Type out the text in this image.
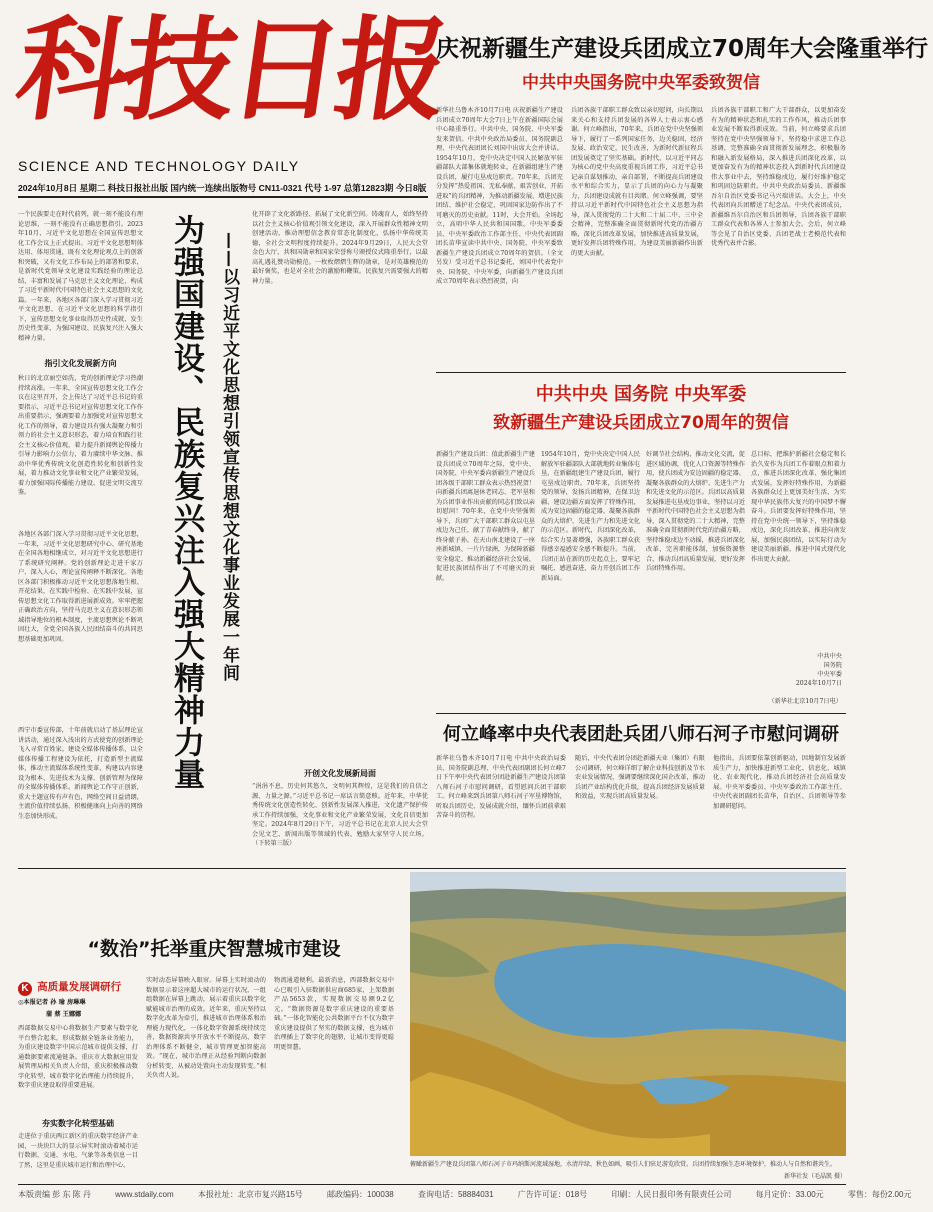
科技日报
SCIENCE AND TECHNOLOGY DAILY
2024年10月8日 星期二 科技日报社出版 国内统一连续出版物号 CN11-0321 代号 1-97 总第12823期 今日8版
庆祝新疆生产建设兵团成立70周年大会隆重举行
中共中央国务院中央军委致贺信
新华社乌鲁木齐10月7日电 庆祝新疆生产建设兵团成立70周年大会7日上午在新疆国际会展中心隆重举行。中共中央、国务院、中央军委发来贺信。中共中央政治局委员、国务院副总理、中央代表团团长刘国中出席大会并讲话。1954年10月，党中央决定中国人民解放军驻疆部队大部集体就地转业，在新疆组建生产建设兵团，履行屯垦戍边职责。70年来，兵团充分发挥“热爱祖国、无私奉献、艰苦创业、开拓进取”的兵团精神，为推动新疆发展、增进民族团结、维护社会稳定、巩固国家边防作出了不可磨灭的历史贡献。11时，大会开始。全场起立，高唱中华人民共和国国歌。中央军委委员、中央军委政治工作部主任、中央代表团副团长苗华宣读中共中央、国务院、中央军委致新疆生产建设兵团成立70周年的贺信。（全文另发）受习近平总书记委托，刘国中代表党中央、国务院、中央军委，向新疆生产建设兵团成立70周年表示热烈祝贺，向
兵团各族干部职工群众致以亲切慰问，向长期以来关心和支持兵团发展的各界人士表示衷心感谢。何立峰指出，70年来，兵团在党中央坚强领导下，履行了一系列国家任务，边关稳固，经济发展、政治安定，民生改善，为新时代新征程兵团发展奠定了坚实基础。新时代，以习近平同志为核心的党中央高度重视兵团工作，习近平总书记亲自谋划推动，亲自部署，不断提高兵团建设水平和综合实力，显示了兵团的向心力与凝聚力，兵团建设成就有目共睹。何立峰强调，要坚持以习近平新时代中国特色社会主义思想为指导，深入贯彻党的二十大和二十届二中、三中全会精神，完整准确全面贯彻新时代党的治疆方略，深化兵团改革发展，加快推进高质量发展，更好发挥兵团特殊作用，为建设美丽新疆作出新的更大贡献。
兵团各族干部职工和广大干部群众，以更加奋发有为的精神状态和扎实的工作作风，推动兵团事业发展不断取得新成效。当前，何立峰要求兵团坚持在党中央坚强领导下，坚持稳中求进工作总基调，完整准确全面贯彻新发展理念，积极服务和融入新发展格局，深入推进兵团深化改革，以更加奋发有为的精神状态投入到新时代兵团建设伟大事业中去，坚持维稳戍边，履行好维护稳定和巩固边防职责。中共中央政治局委员、新疆维吾尔自治区党委书记马兴瑞讲话。大会上，中央代表团向兵团赠送了纪念品。中央代表团成员，新疆维吾尔自治区和兵团领导，兵团各族干部职工群众代表和各界人士参加大会。会后，何立峰等会见了自治区党委、兵团老战士老模范代表和优秀代表并合影。
中共中央 国务院 中央军委
致新疆生产建设兵团成立70周年的贺信
新疆生产建设兵团：值此新疆生产建设兵团成立70周年之际，党中央、国务院、中央军委向新疆生产建设兵团各级干部职工群众表示热烈祝贺！向新疆兵团离退休老同志、老军垦和为兵团事业作出贡献的同志们致以亲切慰问！70年来，在党中央坚强领导下，兵团广大干部职工群众以屯垦戍边为己任，献了青春献终身，献了终身献子孙，在天山南北建设了一座座新城镇、一片片绿洲，为保障新疆安全稳定、推动新疆经济社会发展、促进民族团结作出了不可磨灭的贡献。
1954年10月，党中央决定中国人民解放军驻疆部队大部就地转业集体屯垦，在新疆组建生产建设兵团，履行屯垦戍边职责。70年来，兵团坚持党的领导，发扬兵团精神，在保卫边疆、建设边疆方面发挥了特殊作用，成为安边固疆的稳定器、凝聚各族群众的大熔炉、先进生产力和先进文化的示范区。新时代，兵团深化改革，综合实力显著增强，各族职工群众获得感幸福感安全感不断提升。当前，兵团正站在新的历史起点上，要牢记嘱托、感恩奋进，奋力开创兵团工作新局面。
好调节社会结构，推动文化交流，促进区域协调，优化人口资源等特殊作用，使兵团成为安边固疆的稳定器、凝聚各族群众的大熔炉、先进生产力和先进文化的示范区。兵团以高质量发展推进屯垦戍边事业，坚持以习近平新时代中国特色社会主义思想为指导，深入贯彻党的二十大精神，完整准确全面贯彻新时代党的治疆方略，坚持维稳戍边不动摇，推进兵团深化改革，完善职能体制，加强资源整合，推动兵团高质量发展，更好发挥兵团特殊作用。
总目标，把维护新疆社会稳定和长治久安作为兵团工作着眼点和着力点，推进兵团深化改革、强化集团式发展，发挥好特殊作用，为新疆各族群众过上更加美好生活、为实现中华民族伟大复兴的中国梦不懈奋斗。兵团要发挥好特殊作用，坚持在党中央统一领导下，坚持维稳戍边，深化兵团改革，推进向南发展，加强民族团结，以实际行动为建设美丽新疆、推进中国式现代化作出更大贡献。
中共中央
国务院
中央军委
2024年10月7日
（新华社北京10月7日电）
何立峰率中央代表团赴兵团八师石河子市慰问调研
新华社乌鲁木齐10月7日电 中共中央政治局委员、国务院副总理、中央代表团副团长何立峰7日下午率中央代表团分团赴新疆生产建设兵团第八师石河子市慰问调研，看望慰问兵团干部职工。何立峰来到兵团第八师石河子军垦博物馆，听取兵团历史、发展成就介绍，缅怀兵团前辈艰苦奋斗的历程。
随后，中央代表团分团赴新疆天业（集团）有限公司调研，何立峰详细了解企业科技创新及节水农业发展情况，强调要继续深化国企改革，推动兵团产业结构优化升级，提高兵团经济发展质量和效益，实现兵团高质量发展。
他指出，兵团要依靠创新驱动，因地制宜发展新质生产力，加快推进新型工业化、信息化、城镇化、农业现代化，推动兵团经济社会高质量发展。中央军委委员、中央军委政治工作部主任、中央代表团副团长苗华，自治区、兵团领导等参加调研慰问。
一个民族要走在时代前列，就一刻不能没有理论思维，一刻不能没有正确思想指引。2023年10月，习近平文化思想在全国宣传思想文化工作会议上正式提出。习近平文化思想明体达用、体用贯通，既有文化理论观点上的创新和突破，又有文化工作布局上的部署和要求，是新时代党领导文化建设实践经验的理论总结，丰富和发展了马克思主义文化理论，构成了习近平新时代中国特色社会主义思想的文化篇。一年来，各地区各部门深入学习贯彻习近平文化思想，在习近平文化思想的科学指引下，宣传思想文化事业取得历史性成就、发生历史性变革，为强国建设、民族复兴注入强大精神力量。
指引文化发展新方向
秋日的北京丽空如洗，党的创新理论学习热潮持续高涨。一年来，全国宣传思想文化工作会议在这里召开，会上传达了习近平总书记的重要指示，习近平总书记对宣传思想文化工作作出重要指示，强调要着力加强党对宣传思想文化工作的领导，着力建设具有强大凝聚力和引领力的社会主义意识形态，着力培育和践行社会主义核心价值观，着力提升新闻舆论传播力引导力影响力公信力，着力赓续中华文脉、推动中华优秀传统文化创造性转化和创新性发展，着力推动文化事业和文化产业繁荣发展，着力加强国际传播能力建设、促进文明交流互鉴。
各地区各部门深入学习贯彻习近平文化思想，一年来，习近平文化思想研究中心、研究基地在全国各地相继成立，对习近平文化思想进行了系统研究阐释。党的创新理论走进千家万户、深入人心，理论宣传阐释不断深化。各地区各部门积极推动习近平文化思想落地生根、开花结果，在实践中检验、在实践中发展，宣传思想文化工作取得新进展新成效。牢牢把握正确政治方向，坚持马克思主义在意识形态领域指导地位的根本制度，主流思想舆论不断巩固壮大，全党全国各族人民团结奋斗的共同思想基础更加巩固。
西宁市委宣传部，十年前就启动了基层理论宣讲活动，通过深入浅出的方式使党的创新理论飞入寻常百姓家。建设全媒体传播体系，以全媒体传播工程建设为依托，打造新型主流媒体，推动主流媒体系统性变革，构建以内容建设为根本、先进技术为支撑、创新管理为保障的全媒体传播体系。新闻舆论工作守正创新，重大主题宣传有声有色，网络空间日益清朗，主流价值持续弘扬，积极健康向上向善的网络生态加快形成。
为强国建设、民族复兴注入强大精神力量 ——以习近平文化思想引领宣传思想文化事业发展一年间
化开辟了文化新路径、拓展了文化新空间。铸魂育人，始终坚持以社会主义核心价值观引领文化建设，深入开展群众性精神文明创建活动，推动理想信念教育常态化制度化，弘扬中华传统美德，全社会文明程度持续提升。2024年9月29日，人民大会堂金色大厅，共和国勋章和国家荣誉称号颁授仪式隆重举行，以最高礼遇礼赞功勋模范。一枚枚熠熠生辉的勋章，是对英雄模范的最好褒奖，也是对全社会的激励和鞭策。民族复兴需要强大的精神力量。
开创文化发展新局面
“涓涓不息，历史何其悠久，文明何其辉煌，这是我们的自信之源、力量之源。”习近平总书记一席话言简意赅。近年来，中华优秀传统文化创造性转化、创新性发展深入推进，文化遗产保护传承工作持续加强，文化事业和文化产业繁荣发展，文化自信更加坚定。2024年8月29日下午，习近平总书记在北京人民大会堂会见文艺、新闻出版等领域的代表，勉励大家坚守人民立场。（下转第三版）
“数治”托举重庆智慧城市建设
K 高质量发展调研行
◎本报记者 孙 瑜 房琳琳
蒲 蔡 王娜娜
西部数据交易中心将数据生产要素与数字化平台整合起来，形成数据全链条业务能力，为重庆建设数字中国示范城市提供支撑，打通数据要素流通链条。重庆市大数据应用发展管理局相关负责人介绍，重庆积极推动数字化转型，城市数字化治理能力持续提升，数字重庆建设取得重要进展。
夯实数字化转型基础
走进位于重庆两江新区的重庆数字经济产业园，一块块巨大的显示屏实时滚动着城市运行数据，交通、水电、气象等各类信息一目了然，这里是重庆城市运行和治理中心。
实时动态屏幕映入眼帘。屏幕上实时滚动的数据显示着这座超大城市的运行状况，一组组数据在屏幕上跳动，展示着重庆以数字化赋能城市治理的成效。近年来，重庆坚持以数字化改革为牵引，推进城市治理体系和治理能力现代化，一体化数字资源系统持续完善，数据资源共享开放水平不断提高，数字治理体系不断健全，城市管理更加智能高效。“现在，城市治理正从经验判断向数据分析转变、从被动处置向主动发现转变。”相关负责人说。
物流通道便利。最新消息，西部数据交易中心已吸引入驻数据供应商685家，上架数据产品5653款，实现数据交易额9.2亿元。“数据资源是数字重庆建设的重要基础。”一体化智能化公共数据平台不仅为数字重庆建设提供了坚实的数据支撑，也为城市治理插上了数字化的翅膀，让城市变得更聪明更智慧。
俯瞰新疆生产建设兵团第八师石河子市玛纳斯河流域湿地，水清岸绿，秋色如画，吸引人们驻足游览欣赏。兵团持续加强生态环境保护，推动人与自然和谐共生。
新华社发（毛晶凯 摄）
本版责编 彭 东 陈 丹	www.stdaily.com	本报社址：北京市复兴路15号	邮政编码：100038	查询电话：58884031	广告许可证：018号	印刷：人民日报印务有限责任公司	每月定价：33.00元	零售：每份2.00元
